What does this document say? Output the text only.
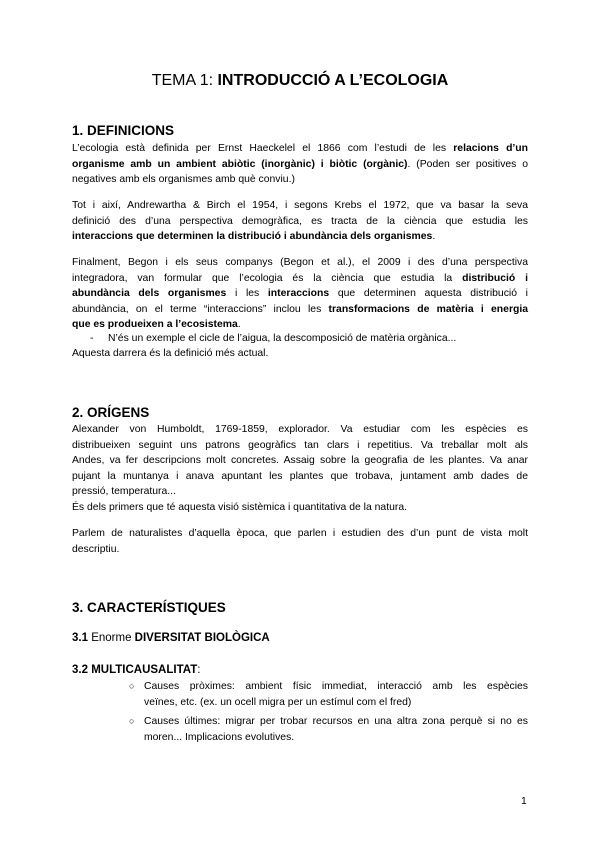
TEMA 1: INTRODUCCIÓ A L’ECOLOGIA
1. DEFINICIONS
L’ecologia està definida per Ernst Haeckelel el 1866 com l’estudi de les relacions d’un
organisme amb un ambient abiòtic (inorgànic) i biòtic (orgànic). (Poden ser positives o
negatives amb els organismes amb què conviu.)
Tot i així, Andrewartha & Birch el 1954, i segons Krebs el 1972, que va basar la seva
definició des d’una perspectiva demogràfica, es tracta de la ciència que estudia les
interaccions que determinen la distribució i abundància dels organismes.
Finalment, Begon i els seus companys (Begon et al.), el 2009 i des d’una perspectiva
integradora, van formular que l’ecologia és la ciència que estudia la distribució i
abundància dels organismes i les interaccions que determinen aquesta distribució i
abundància, on el terme “interaccions” inclou les transformacions de matèria i energia
que es produeixen a l’ecosistema.
- N’és un exemple el cicle de l’aigua, la descomposició de matèria orgànica...
Aquesta darrera és la definició més actual.
2. ORÍGENS
Alexander von Humboldt, 1769-1859, explorador. Va estudiar com les espècies es
distribueixen seguint uns patrons geogràfics tan clars i repetitius. Va treballar molt als
Andes, va fer descripcions molt concretes. Assaig sobre la geografia de les plantes. Va anar
pujant la muntanya i anava apuntant les plantes que trobava, juntament amb dades de
pressió, temperatura...
És dels primers que té aquesta visió sistèmica i quantitativa de la natura.
Parlem de naturalistes d’aquella època, que parlen i estudien des d’un punt de vista molt
descriptiu.
3. CARACTERÍSTIQUES
3.1 Enorme DIVERSITAT BIOLÒGICA
3.2 MULTICAUSALITAT:
○ Causes pròximes: ambient físic immediat, interacció amb les espècies
veïnes, etc. (ex. un ocell migra per un estímul com el fred)
○ Causes últimes: migrar per trobar recursos en una altra zona perquè si no es
moren... Implicacions evolutives.
1
